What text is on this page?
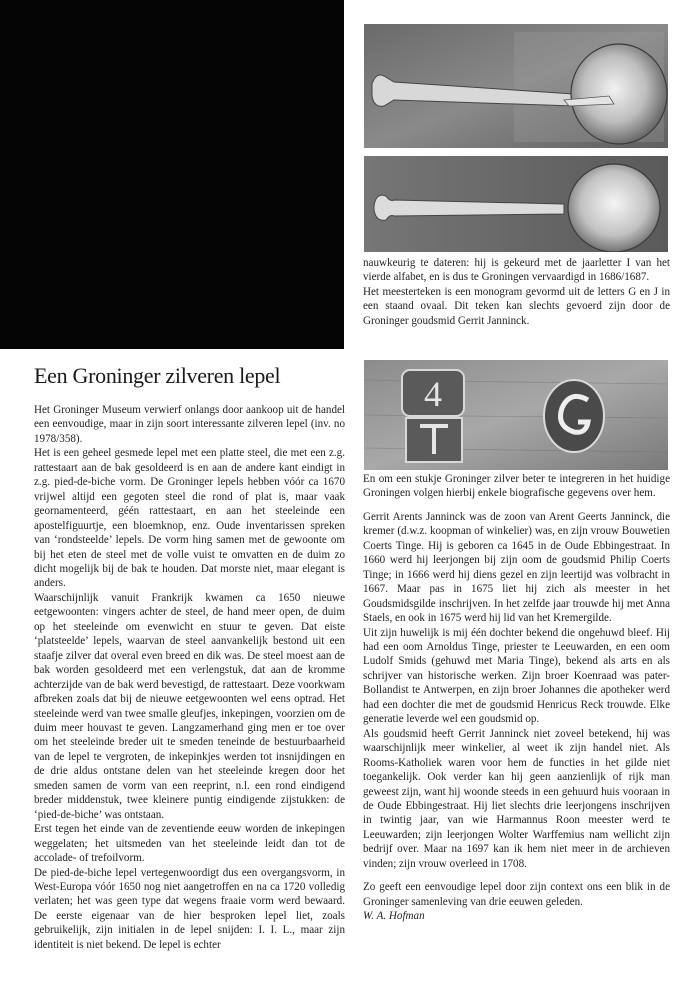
4

nauwkeurig te dateren: hij is gekeurd met de jaarletter I van het vierde alfabet, en is dus te Groningen vervaardigd in 1686/1687.

Het meesterteken is een monogram gevormd uit de letters G en J in een staand ovaal. Dit teken kan slechts gevoerd zijn door de Groninger goudsmid Gerrit Janninck.

Een Groninger zilveren lepel

Het Groninger Museum verwierf onlangs door aankoop uit de handel een eenvoudige, maar in zijn soort interessante zilveren lepel (inv. no 1978/358).

Het is een geheel gesmede lepel met een platte steel, die met een z.g. rattestaart aan de bak gesoldeerd is en aan de andere kant eindigt in z.g. pied-de-biche vorm. De Groninger lepels hebben vóór ca 1670 vrijwel altijd een gegoten steel die rond of plat is, maar vaak geornamenteerd, géén rattestaart, en aan het steeleinde een apostelfiguurtje, een bloemknop, enz. Oude inventarissen spreken van ‘rondsteelde’ lepels. De vorm hing samen met de gewoonte om bij het eten de steel met de volle vuist te omvatten en de duim zo dicht mogelijk bij de bak te houden. Dat morste niet, maar elegant is anders.

Waarschijnlijk vanuit Frankrijk kwamen ca 1650 nieuwe eetgewoonten: vingers achter de steel, de hand meer open, de duim op het steeleinde om evenwicht en stuur te geven. Dat eiste ‘platsteelde’ lepels, waarvan de steel aanvankelijk bestond uit een staafje zilver dat overal even breed en dik was. De steel moest aan de bak worden gesoldeerd met een verlengstuk, dat aan de kromme achterzijde van de bak werd bevestigd, de rattestaart. Deze voorkwam afbreken zoals dat bij de nieuwe eetgewoonten wel eens optrad. Het steeleinde werd van twee smalle gleufjes, inkepingen, voorzien om de duim meer houvast te geven. Langzamerhand ging men er toe over om het steeleinde breder uit te smeden teneinde de bestuurbaarheid van de lepel te vergroten, de inkepinkjes werden tot insnijdingen en de drie aldus ontstane delen van het steeleinde kregen door het smeden samen de vorm van een reeprint, n.l. een rond eindigend breder middenstuk, twee kleinere puntig eindigende zijstukken: de ‘pied-de-biche’ was ontstaan.

Erst tegen het einde van de zeventiende eeuw worden de inkepingen weggelaten; het uitsmeden van het steeleinde leidt dan tot de accolade- of trefoilvorm.

De pied-de-biche lepel vertegenwoordigt dus een overgangsvorm, in West-Europa vóór 1650 nog niet aangetroffen en na ca 1720 volledig verlaten; het was geen type dat wegens fraaie vorm werd bewaard. De eerste eigenaar van de hier besproken lepel liet, zoals gebruikelijk, zijn initialen in de lepel snijden: I. I. L., maar zijn identiteit is niet bekend. De lepel is echter

En om een stukje Groninger zilver beter te integreren in het huidige Groningen volgen hierbij enkele biografische gegevens over hem.

Gerrit Arents Janninck was de zoon van Arent Geerts Janninck, die kremer (d.w.z. koopman of winkelier) was, en zijn vrouw Bouwetien Coerts Tinge. Hij is geboren ca 1645 in de Oude Ebbingestraat. In 1660 werd hij leerjongen bij zijn oom de goudsmid Philip Coerts Tinge; in 1666 werd hij diens gezel en zijn leertijd was volbracht in 1667. Maar pas in 1675 liet hij zich als meester in het Goudsmidsgilde inschrijven. In het zelfde jaar trouwde hij met Anna Staels, en ook in 1675 werd hij lid van het Kremergilde.

Uit zijn huwelijk is mij één dochter bekend die ongehuwd bleef. Hij had een oom Arnoldus Tinge, priester te Leeuwarden, en een oom Ludolf Smids (gehuwd met Maria Tinge), bekend als arts en als schrijver van historische werken. Zijn broer Koenraad was pater-Bollandist te Antwerpen, en zijn broer Johannes die apotheker werd had een dochter die met de goudsmid Henricus Reck trouwde. Elke generatie leverde wel een goudsmid op.

Als goudsmid heeft Gerrit Janninck niet zoveel betekend, hij was waarschijnlijk meer winkelier, al weet ik zijn handel niet. Als Rooms-Katholiek waren voor hem de functies in het gilde niet toegankelijk. Ook verder kan hij geen aanzienlijk of rijk man geweest zijn, want hij woonde steeds in een gehuurd huis vooraan in de Oude Ebbingestraat. Hij liet slechts drie leerjongens inschrijven in twintig jaar, van wie Harmannus Roon meester werd te Leeuwarden; zijn leerjongen Wolter Warffemius nam wellicht zijn bedrijf over. Maar na 1697 kan ik hem niet meer in de archieven vinden; zijn vrouw overleed in 1708.

Zo geeft een eenvoudige lepel door zijn context ons een blik in de Groninger samenleving van drie eeuwen geleden.

W. A. Hofman
